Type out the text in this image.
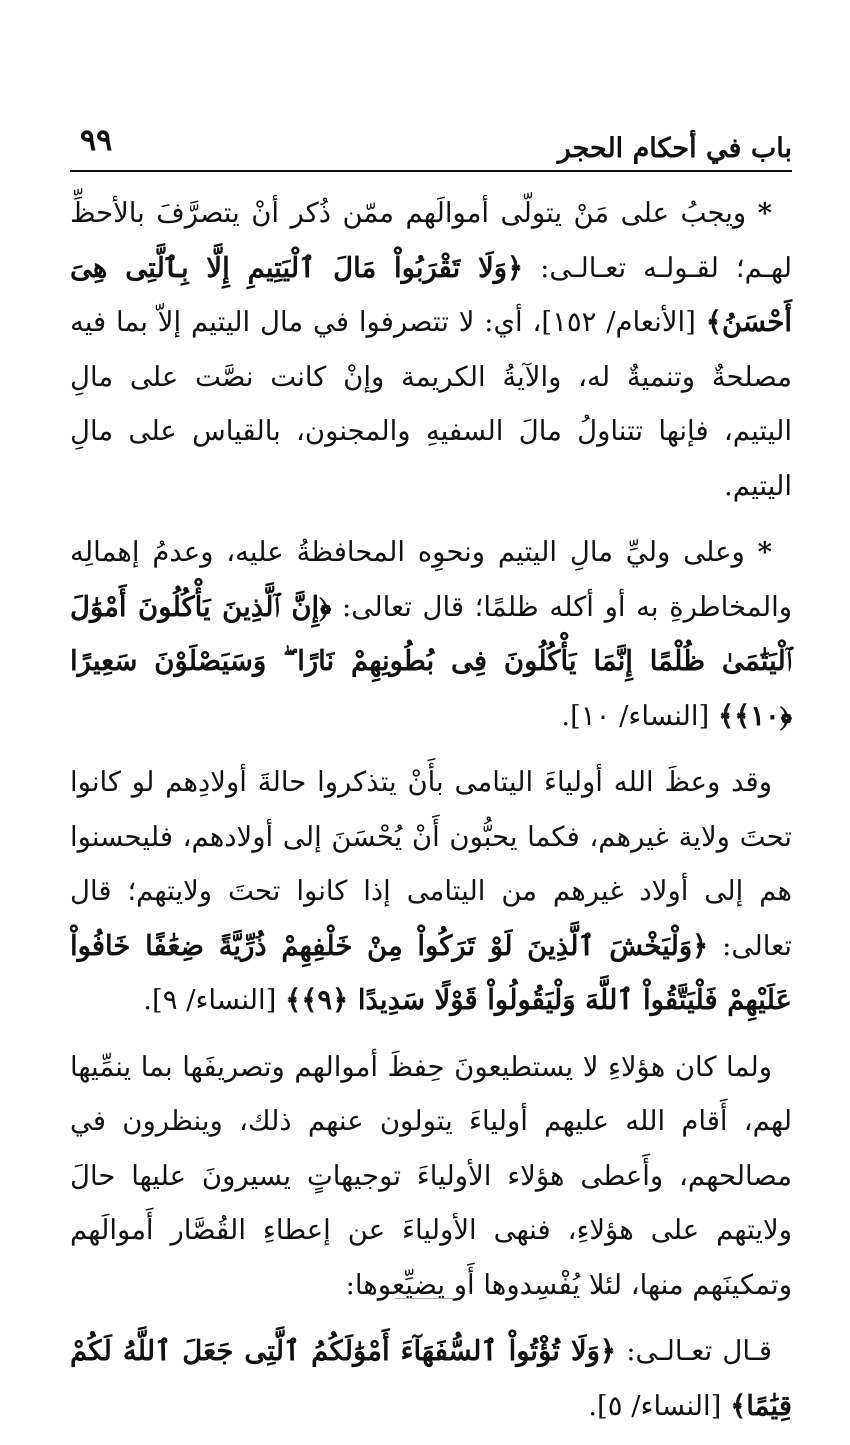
باب في أحكام الحجر
٩٩

* ويجبُ على مَنْ يتولّى أموالَهم ممّن ذُكر أنْ يتصرَّفَ بالأحظِّ لهـم؛ لقـولـه تعـالـى: ﴿وَلَا تَقْرَبُواْ مَالَ ٱلْيَتِيمِ إِلَّا بِٱلَّتِى هِىَ أَحْسَنُ﴾ [الأنعام/ ١٥٢]، أي: لا تتصرفوا في مال اليتيم إلاّ بما فيه مصلحةٌ وتنميةٌ له، والآيةُ الكريمة وإنْ كانت نصَّت على مالِ اليتيم، فإنها تتناولُ مالَ السفيهِ والمجنون، بالقياس على مالِ اليتيم.

* وعلى وليِّ مالِ اليتيم ونحوِه المحافظةُ عليه، وعدمُ إهمالِه والمخاطرةِ به أو أكله ظلمًا؛ قال تعالى: ﴿إِنَّ ٱلَّذِينَ يَأْكُلُونَ أَمْوَٰلَ ٱلْيَتَٰمَىٰ ظُلْمًا إِنَّمَا يَأْكُلُونَ فِى بُطُونِهِمْ نَارًا ۖ وَسَيَصْلَوْنَ سَعِيرًا ﴿١٠﴾﴾ [النساء/ ١٠].

وقد وعظَ الله أولياءَ اليتامى بأَنْ يتذكروا حالةَ أولادِهم لو كانوا تحتَ ولاية غيرهم، فكما يحبُّون أَنْ يُحْسَنَ إلى أولادهم، فليحسنوا هم إلى أولاد غيرهم من اليتامى إذا كانوا تحتَ ولايتهم؛ قال تعالى: ﴿وَلْيَخْشَ ٱلَّذِينَ لَوْ تَرَكُواْ مِنْ خَلْفِهِمْ ذُرِّيَّةً ضِعَٰفًا خَافُواْ عَلَيْهِمْ فَلْيَتَّقُواْ ٱللَّهَ وَلْيَقُولُواْ قَوْلًا سَدِيدًا ﴿٩﴾﴾ [النساء/ ٩].

ولما كان هؤلاءِ لا يستطيعونَ حِفظَ أموالهم وتصريفَها بما ينمِّيها لهم، أَقام الله عليهم أولياءَ يتولون عنهم ذلك، وينظرون في مصالحهم، وأَعطى هؤلاء الأولياءَ توجيهاتٍ يسيرونَ عليها حالَ ولايتهم على هؤلاءِ، فنهى الأولياءَ عن إعطاءِ القُصَّار أَموالَهم وتمكينَهم منها، لئلا يُفْسِدوها أَو يضيِّعوها:

قـال تعـالـى: ﴿وَلَا تُؤْتُواْ ٱلسُّفَهَآءَ أَمْوَٰلَكُمُ ٱلَّتِى جَعَلَ ٱللَّهُ لَكُمْ قِيَٰمًا﴾ [النساء/ ٥].
